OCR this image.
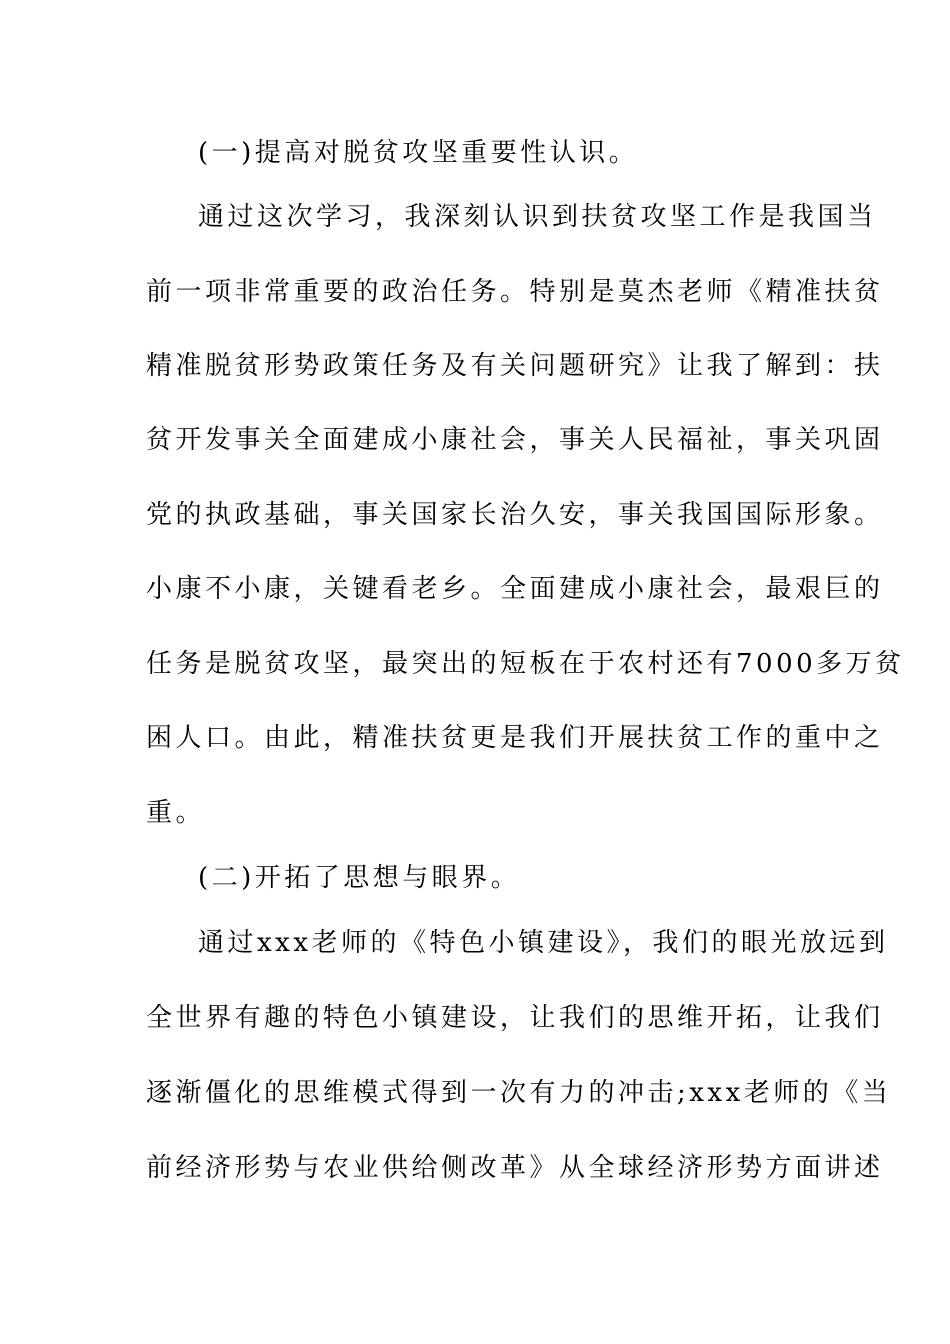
(一)提高对脱贫攻坚重要性认识。
通过这次学习，我深刻认识到扶贫攻坚工作是我国当
前一项非常重要的政治任务。特别是莫杰老师《精准扶贫
精准脱贫形势政策任务及有关问题研究》让我了解到：扶
贫开发事关全面建成小康社会，事关人民福祉，事关巩固
党的执政基础，事关国家长治久安，事关我国国际形象。
小康不小康，关键看老乡。全面建成小康社会，最艰巨的
任务是脱贫攻坚，最突出的短板在于农村还有7000多万贫
困人口。由此，精准扶贫更是我们开展扶贫工作的重中之
重。
(二)开拓了思想与眼界。
通过xxx老师的《特色小镇建设》，我们的眼光放远到
全世界有趣的特色小镇建设，让我们的思维开拓，让我们
逐渐僵化的思维模式得到一次有力的冲击;xxx老师的《当
前经济形势与农业供给侧改革》从全球经济形势方面讲述
